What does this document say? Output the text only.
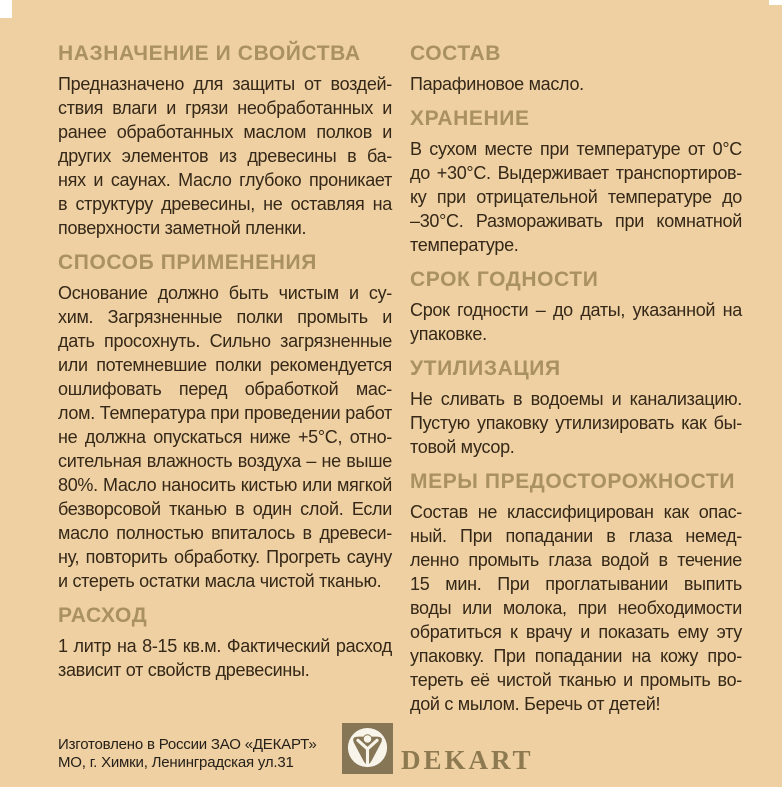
НАЗНАЧЕНИЕ И СВОЙСТВА
Предназначено для защиты от воздей-
ствия влаги и грязи необработанных и
ранее обработанных маслом полков и
других элементов из древесины в ба-
нях и саунах. Масло глубоко проникает
в структуру древесины, не оставляя на
поверхности заметной пленки.
СПОСОБ ПРИМЕНЕНИЯ
Основание должно быть чистым и су-
хим. Загрязненные полки промыть и
дать просохнуть. Сильно загрязненные
или потемневшие полки рекомендуется
ошлифовать перед обработкой мас-
лом. Температура при проведении работ
не должна опускаться ниже +5°С, отно-
сительная влажность воздуха – не выше
80%. Масло наносить кистью или мягкой
безворсовой тканью в один слой. Если
масло полностью впиталось в древеси-
ну, повторить обработку. Прогреть сауну
и стереть остатки масла чистой тканью.
РАСХОД
1 литр на 8-15 кв.м. Фактический расход
зависит от свойств древесины.
СОСТАВ
Парафиновое масло.
ХРАНЕНИЕ
В сухом месте при температуре от 0°С
до +30°С. Выдерживает транспортиров-
ку при отрицательной температуре до
–30°С. Размораживать при комнатной
температуре.
СРОК ГОДНОСТИ
Срок годности – до даты, указанной на
упаковке.
УТИЛИЗАЦИЯ
Не сливать в водоемы и канализацию.
Пустую упаковку утилизировать как бы-
товой мусор.
МЕРЫ ПРЕДОСТОРОЖНОСТИ
Состав не классифицирован как опас-
ный. При попадании в глаза немед-
ленно промыть глаза водой в течение
15 мин. При проглатывании выпить
воды или молока, при необходимости
обратиться к врачу и показать ему эту
упаковку. При попадании на кожу про-
тереть её чистой тканью и промыть во-
дой с мылом. Беречь от детей!
Изготовлено в России ЗАО «ДЕКАРТ»
МО, г. Химки, Ленинградская ул.31	DEKART
